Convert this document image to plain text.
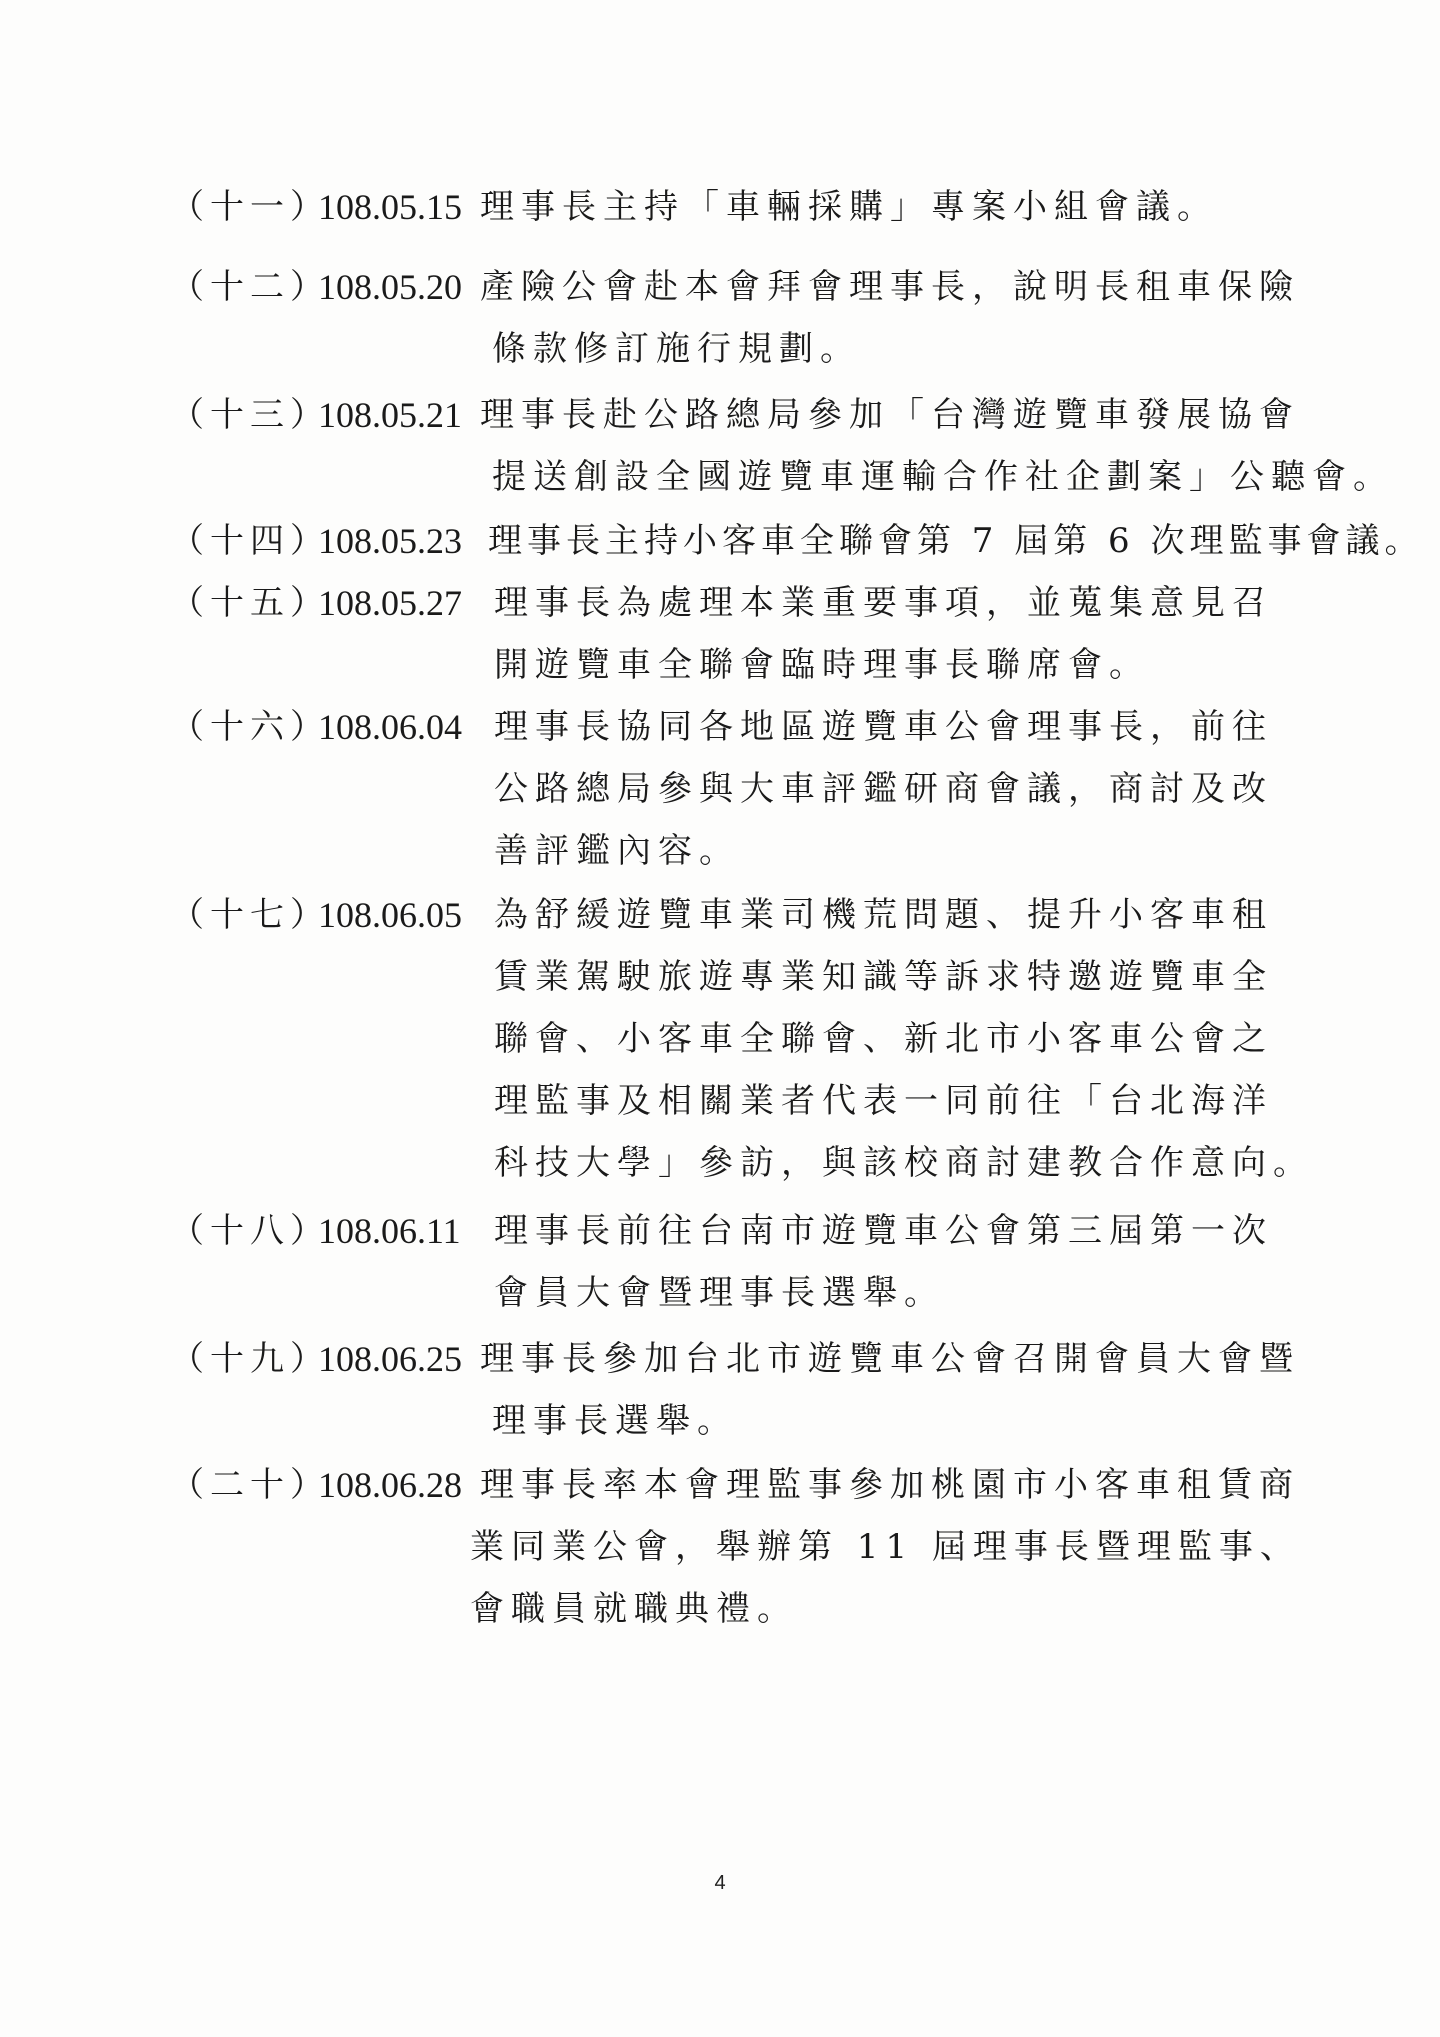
（十一）
108.05.15 理事長主持「車輛採購」專案小組會議。
（十二）
108.05.20 產險公會赴本會拜會理事長，說明長租車保險
條款修訂施行規劃。
（十三）
108.05.21 理事長赴公路總局參加「台灣遊覽車發展協會
提送創設全國遊覽車運輸合作社企劃案」公聽會。
（十四）
108.05.23 理事長主持小客車全聯會第 7 屆第 6 次理監事會議。
（十五）
108.05.27 理事長為處理本業重要事項，並蒐集意見召
開遊覽車全聯會臨時理事長聯席會。
（十六）
108.06.04 理事長協同各地區遊覽車公會理事長，前往
公路總局參與大車評鑑研商會議，商討及改
善評鑑內容。
（十七）
108.06.05 為舒緩遊覽車業司機荒問題、提升小客車租
賃業駕駛旅遊專業知識等訴求特邀遊覽車全
聯會、小客車全聯會、新北市小客車公會之
理監事及相關業者代表一同前往「台北海洋
科技大學」參訪，與該校商討建教合作意向。
（十八）
108.06.11 理事長前往台南市遊覽車公會第三屆第一次
會員大會暨理事長選舉。
（十九）
108.06.25 理事長參加台北市遊覽車公會召開會員大會暨
理事長選舉。
（二十）
108.06.28 理事長率本會理監事參加桃園市小客車租賃商
業同業公會，舉辦第 11 屆理事長暨理監事、
會職員就職典禮。
4
